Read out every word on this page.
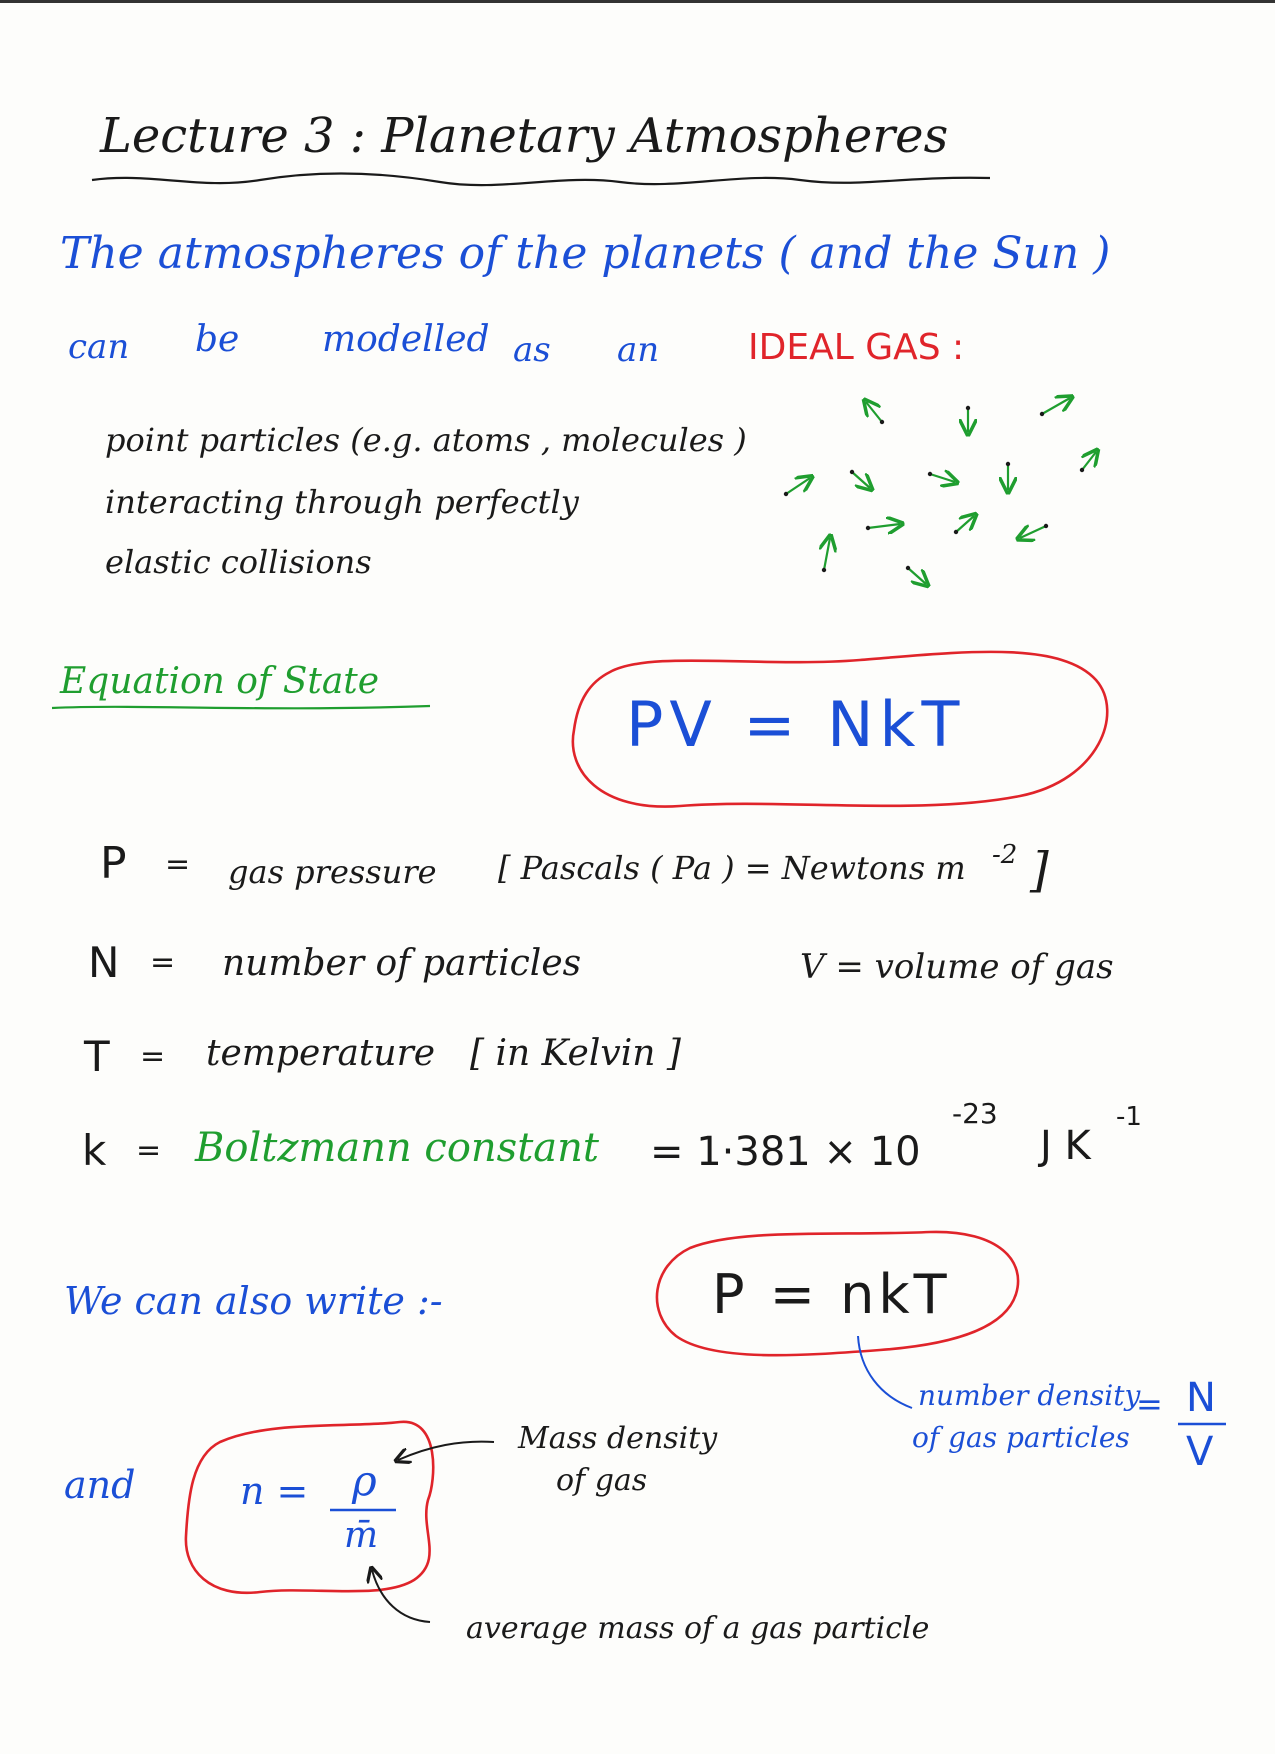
Lecture 3 : Planetary Atmospheres
The atmospheres of the planets ( and the Sun )
can be modelled as an IDEAL GAS :
point particles (e.g. atoms , molecules )
interacting through perfectly
elastic collisions
Equation of State
PV = NkT
P = gas pressure [ Pascals ( Pa ) = Newtons m -2 ]
N = number of particles	V = volume of gas
T = temperature [ in Kelvin ]
k = Boltzmann constant = 1·381 × 10
-23
J K
-1
We can also write :-	P = nkT
number density
of gas particles
= N
V
and	n = ρ
m̄
Mass density
of gas
average mass of a gas particle
